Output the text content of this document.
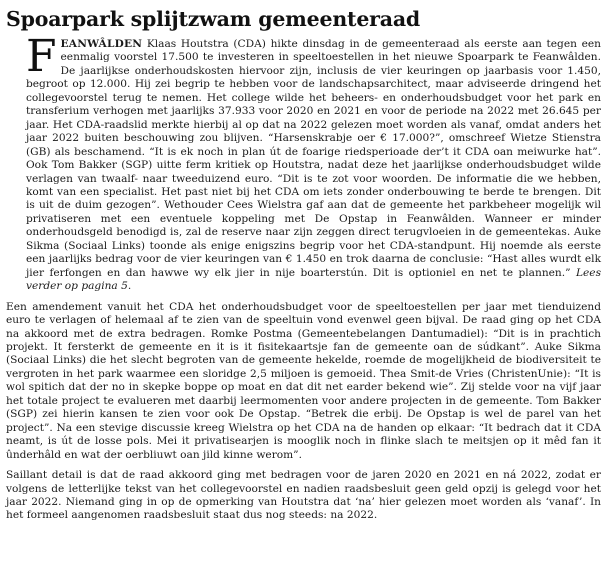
Spoarpark splijtzwam gemeenteraad
F EANWÂLDEN Klaas Houtstra (CDA) hikte dinsdag in de gemeenteraad als eerste aan tegen een eenmalig voorstel 17.500 te investeren in speeltoestellen in het nieuwe Spoarpark te Feanwâlden. De jaarlijkse onderhoudskosten hiervoor zijn, inclusis de vier keuringen op jaarbasis voor 1.450, begroot op 12.000. Hij zei begrip te hebben voor de landschapsarchitect, maar adviseerde dringend het collegevoorstel terug te nemen. Het college wilde het beheers- en onderhoudsbudget voor het park en transferium verhogen met jaarlijks 37.933 voor 2020 en 2021 en voor de periode na 2022 met 26.645 per jaar. Het CDA-raadslid merkte hierbij al op dat na 2022 gelezen moet worden als vanaf, omdat anders het jaar 2022 buiten beschouwing zou blijven. “Harsenskrabje oer € 17.000?”, omschreef Wietze Stienstra (GB) als beschamend. “It is ek noch in plan út de foarige riedsperioade der’t it CDA oan meiwurke hat”. Ook Tom Bakker (SGP) uitte ferm kritiek op Houtstra, nadat deze het jaarlijkse onderhoudsbudget wilde verlagen van twaalf- naar tweeduizend euro. “Dit is te zot voor woorden. De informatie die we hebben, komt van een specialist. Het past niet bij het CDA om iets zonder onderbouwing te berde te brengen. Dit is uit de duim gezogen”. Wethouder Cees Wielstra gaf aan dat de gemeente het parkbeheer mogelijk wil privatiseren met een eventuele koppeling met De Opstap in Feanwâlden. Wanneer er minder onderhoudsgeld benodigd is, zal de reserve naar zijn zeggen direct terugvloeien in de gemeentekas. Auke Sikma (Sociaal Links) toonde als enige enigszins begrip voor het CDA-standpunt. Hij noemde als eerste een jaarlijks bedrag voor de vier keuringen van € 1.450 en trok daarna de conclusie: “Hast alles wurdt elk jier ferfongen en dan hawwe wy elk jier in nije boarterstún. Dit is optioniel en net te plannen.” Lees verder op pagina 5.

Een amendement vanuit het CDA het onderhoudsbudget voor de speeltoestellen per jaar met tienduizend euro te verlagen of helemaal af te zien van de speeltuin vond evenwel geen bijval. De raad ging op het CDA na akkoord met de extra bedragen. Romke Postma (Gemeentebelangen Dantumadiel): “Dit is in prachtich projekt. It fersterkt de gemeente en it is it fisitekaartsje fan de gemeente oan de súdkant”. Auke Sikma (Sociaal Links) die het slecht begroten van de gemeente hekelde, roemde de mogelijkheid de biodiversiteit te vergroten in het park waarmee een sloridge 2,5 miljoen is gemoeid. Thea Smit-de Vries (ChristenUnie): “It is wol spitich dat der no in skepke boppe op moat en dat dit net earder bekend wie”. Zij stelde voor na vijf jaar het totale project te evalueren met daarbij leermomenten voor andere projecten in de gemeente. Tom Bakker (SGP) zei hierin kansen te zien voor ook De Opstap. “Betrek die erbij. De Opstap is wel de parel van het project”. Na een stevige discussie kreeg Wielstra op het CDA na de handen op elkaar: “It bedrach dat it CDA neamt, is út de losse pols. Mei it privatisearjen is mooglik noch in flinke slach te meitsjen op it mêd fan it ûnderhâld en wat der oerbliuwt oan jild kinne werom”.

Saillant detail is dat de raad akkoord ging met bedragen voor de jaren 2020 en 2021 en ná 2022, zodat er volgens de letterlijke tekst van het collegevoorstel en nadien raadsbesluit geen geld opzij is gelegd voor het jaar 2022. Niemand ging in op de opmerking van Houtstra dat ‘na’ hier gelezen moet worden als ‘vanaf’. In het formeel aangenomen raadsbesluit staat dus nog steeds: na 2022.
